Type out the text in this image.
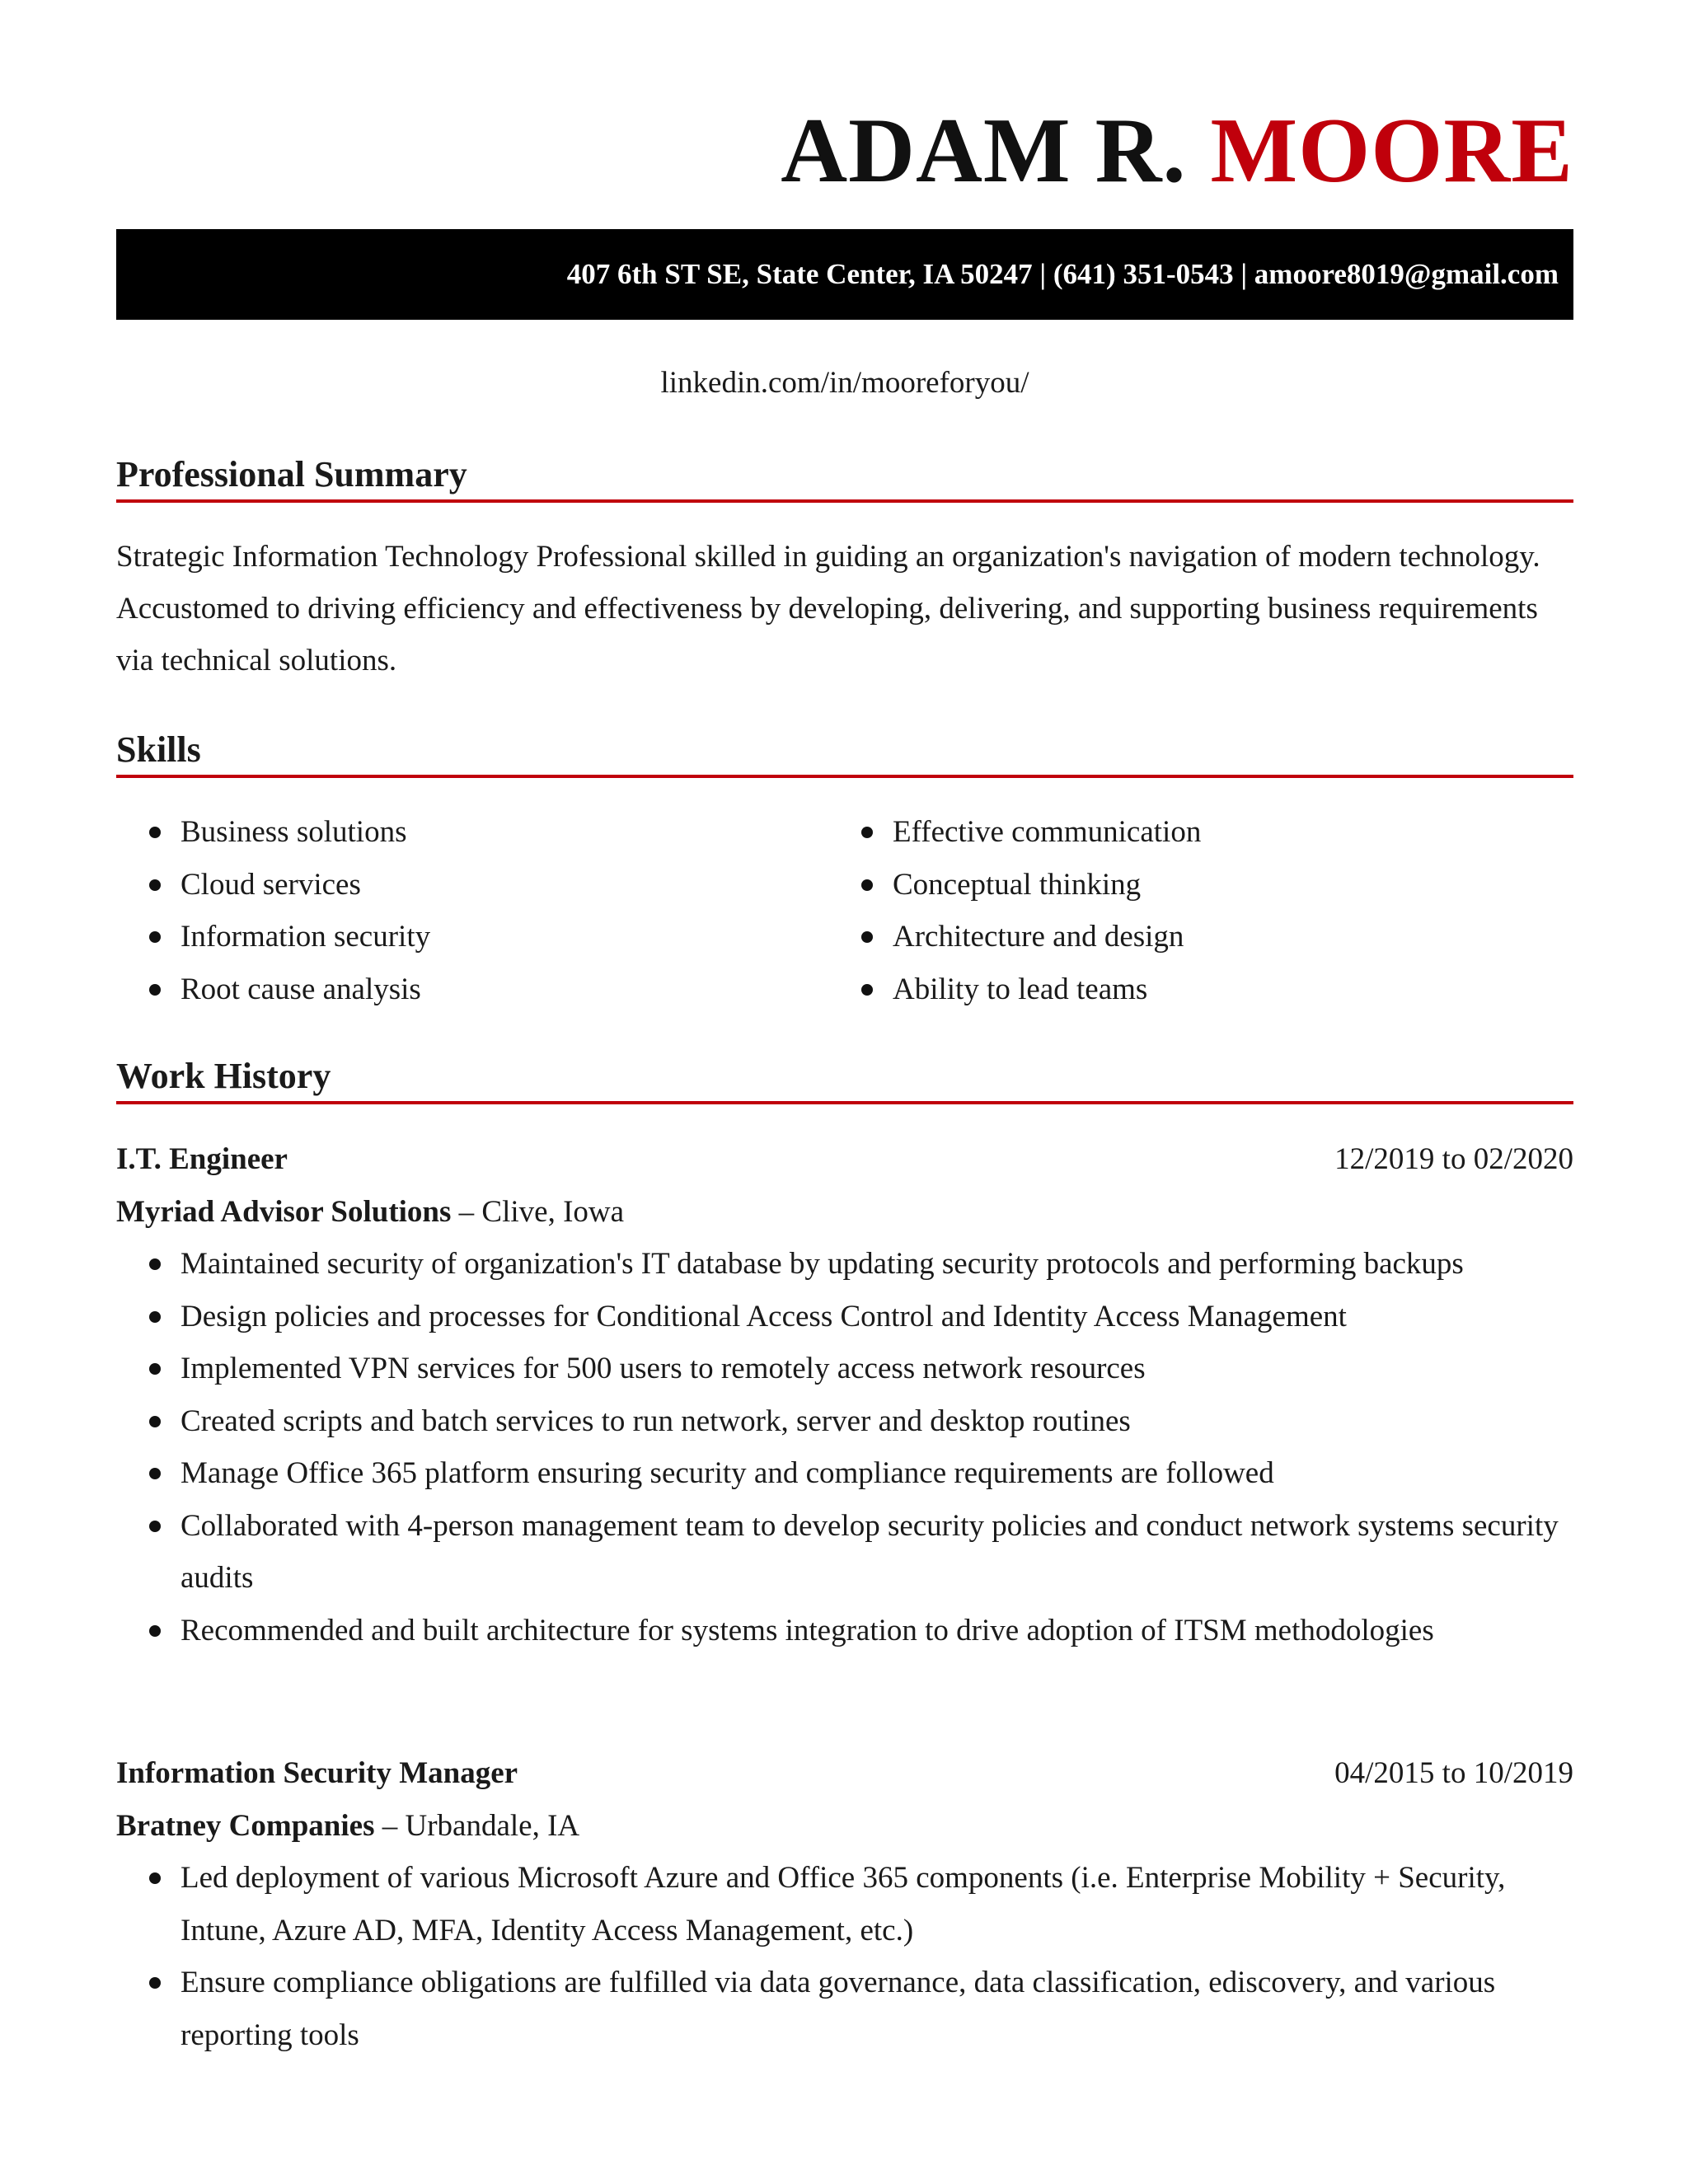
ADAM R. MOORE
407 6th ST SE, State Center, IA 50247 | (641) 351-0543 | amoore8019@gmail.com
linkedin.com/in/mooreforyou/
Professional Summary

Strategic Information Technology Professional skilled in guiding an organization's navigation of modern technology. Accustomed to driving efficiency and effectiveness by developing, delivering, and supporting business requirements via technical solutions.

Skills
Business solutions
Cloud services
Information security
Root cause analysis
Effective communication
Conceptual thinking
Architecture and design
Ability to lead teams
Work History
I.T. Engineer	12/2019 to 02/2020
Myriad Advisor Solutions – Clive, Iowa
Maintained security of organization's IT database by updating security protocols and performing backups
Design policies and processes for Conditional Access Control and Identity Access Management
Implemented VPN services for 500 users to remotely access network resources
Created scripts and batch services to run network, server and desktop routines
Manage Office 365 platform ensuring security and compliance requirements are followed
Collaborated with 4-person management team to develop security policies and conduct network systems security audits
Recommended and built architecture for systems integration to drive adoption of ITSM methodologies
Information Security Manager	04/2015 to 10/2019
Bratney Companies – Urbandale, IA
Led deployment of various Microsoft Azure and Office 365 components (i.e. Enterprise Mobility + Security, Intune, Azure AD, MFA, Identity Access Management, etc.)
Ensure compliance obligations are fulfilled via data governance, data classification, ediscovery, and various reporting tools
